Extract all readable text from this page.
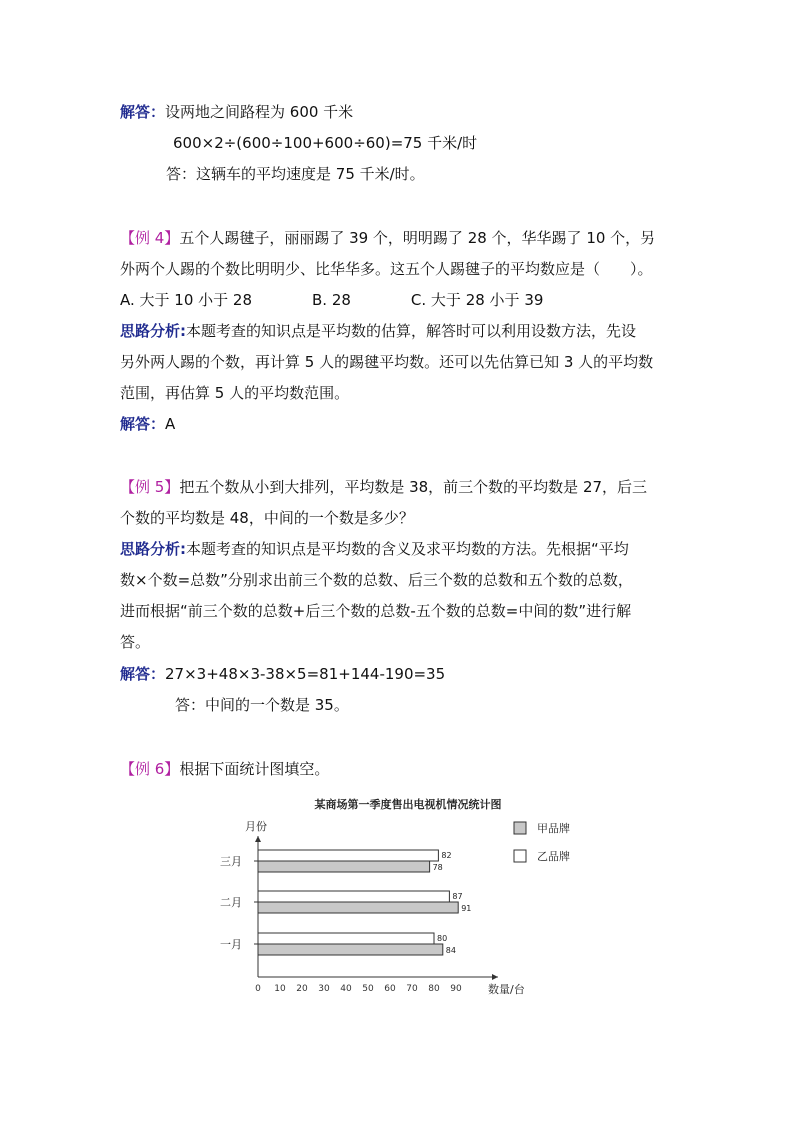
解答：设两地之间路程为 600 千米
600×2÷(600÷100+600÷60)=75 千米/时
答：这辆车的平均速度是 75 千米/时。
【例 4】五个人踢毽子，丽丽踢了 39 个，明明踢了 28 个，华华踢了 10 个，另
外两个人踢的个数比明明少、比华华多。这五个人踢毽子的平均数应是（　　）。
A. 大于 10 小于 28　　　　B. 28　　　　C. 大于 28 小于 39
思路分析:本题考查的知识点是平均数的估算，解答时可以利用设数方法，先设
另外两人踢的个数，再计算 5 人的踢毽平均数。还可以先估算已知 3 人的平均数
范围，再估算 5 人的平均数范围。
解答：A
【例 5】把五个数从小到大排列，平均数是 38，前三个数的平均数是 27，后三
个数的平均数是 48，中间的一个数是多少？
思路分析:本题考查的知识点是平均数的含义及求平均数的方法。先根据“平均
数×个数=总数”分别求出前三个数的总数、后三个数的总数和五个数的总数，
进而根据“前三个数的总数+后三个数的总数-五个数的总数=中间的数”进行解
答。
解答：27×3+48×3-38×5=81+144-190=35
答：中间的一个数是 35。
【例 6】根据下面统计图填空。
某商场第一季度售出电视机情况统计图
月份
数量/台
0 10 20 30 40 50 60 70 80 90
三月	82
78
二月	87
91
一月	80
84
甲品牌
乙品牌
